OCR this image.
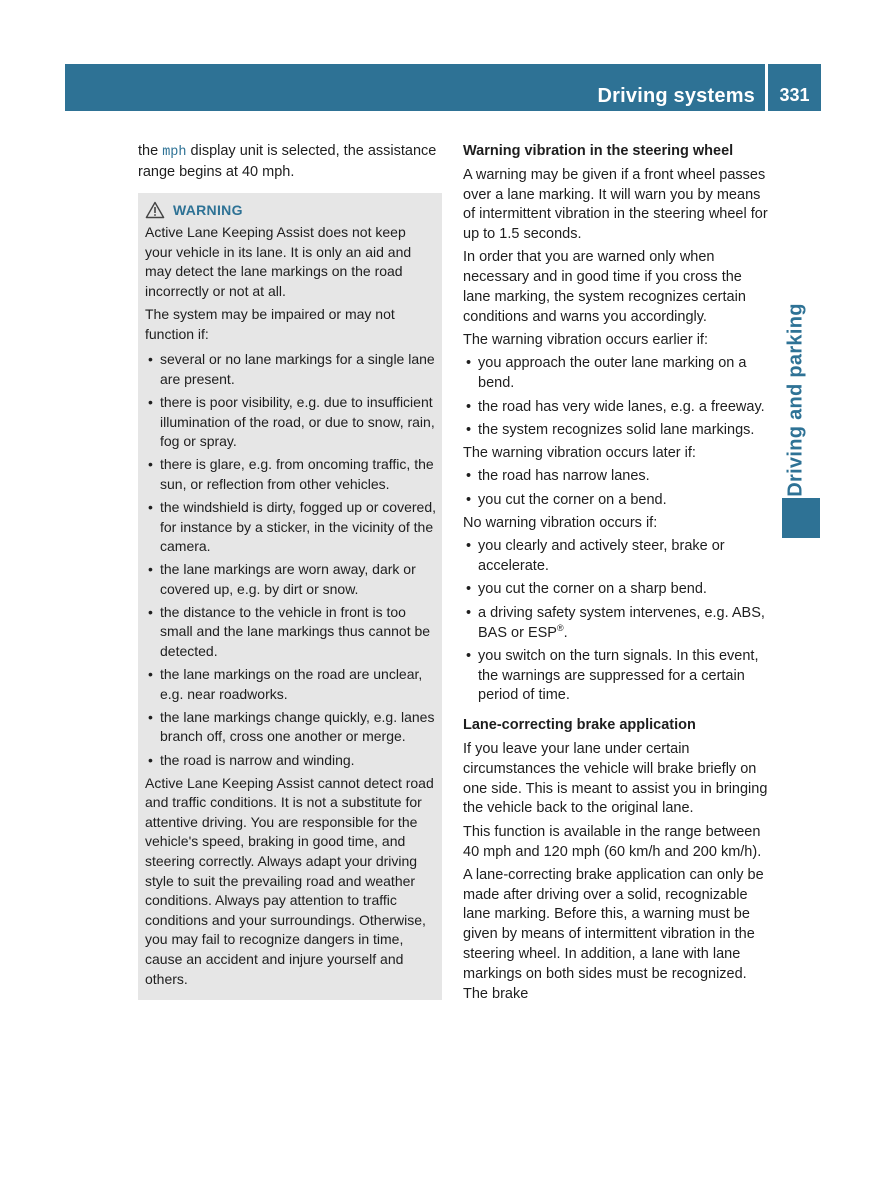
Driving systems	331
Driving and parking

the mph display unit is selected, the assistance range begins at 40 mph.

WARNING

Active Lane Keeping Assist does not keep your vehicle in its lane. It is only an aid and may detect the lane markings on the road incorrectly or not at all.

The system may be impaired or may not function if:

• several or no lane markings for a single lane are present.
• there is poor visibility, e.g. due to insufficient illumination of the road, or due to snow, rain, fog or spray.
• there is glare, e.g. from oncoming traffic, the sun, or reflection from other vehicles.
• the windshield is dirty, fogged up or covered, for instance by a sticker, in the vicinity of the camera.
• the lane markings are worn away, dark or covered up, e.g. by dirt or snow.
• the distance to the vehicle in front is too small and the lane markings thus cannot be detected.
• the lane markings on the road are unclear, e.g. near roadworks.
• the lane markings change quickly, e.g. lanes branch off, cross one another or merge.
• the road is narrow and winding.

Active Lane Keeping Assist cannot detect road and traffic conditions. It is not a substitute for attentive driving. You are responsible for the vehicle's speed, braking in good time, and steering correctly. Always adapt your driving style to suit the prevailing road and weather conditions. Always pay attention to traffic conditions and your surroundings. Otherwise, you may fail to recognize dangers in time, cause an accident and injure yourself and others.

Warning vibration in the steering wheel

A warning may be given if a front wheel passes over a lane marking. It will warn you by means of intermittent vibration in the steering wheel for up to 1.5 seconds.

In order that you are warned only when necessary and in good time if you cross the lane marking, the system recognizes certain conditions and warns you accordingly.

The warning vibration occurs earlier if:

• you approach the outer lane marking on a bend.
• the road has very wide lanes, e.g. a freeway.
• the system recognizes solid lane markings.

The warning vibration occurs later if:

• the road has narrow lanes.
• you cut the corner on a bend.

No warning vibration occurs if:

• you clearly and actively steer, brake or accelerate.
• you cut the corner on a sharp bend.
• a driving safety system intervenes, e.g. ABS, BAS or ESP®.
• you switch on the turn signals. In this event, the warnings are suppressed for a certain period of time.
Lane-correcting brake application

If you leave your lane under certain circumstances the vehicle will brake briefly on one side. This is meant to assist you in bringing the vehicle back to the original lane.

This function is available in the range between 40 mph and 120 mph (60 km/h and 200 km/h).

A lane-correcting brake application can only be made after driving over a solid, recognizable lane marking. Before this, a warning must be given by means of intermittent vibration in the steering wheel. In addition, a lane with lane markings on both sides must be recognized. The brake
